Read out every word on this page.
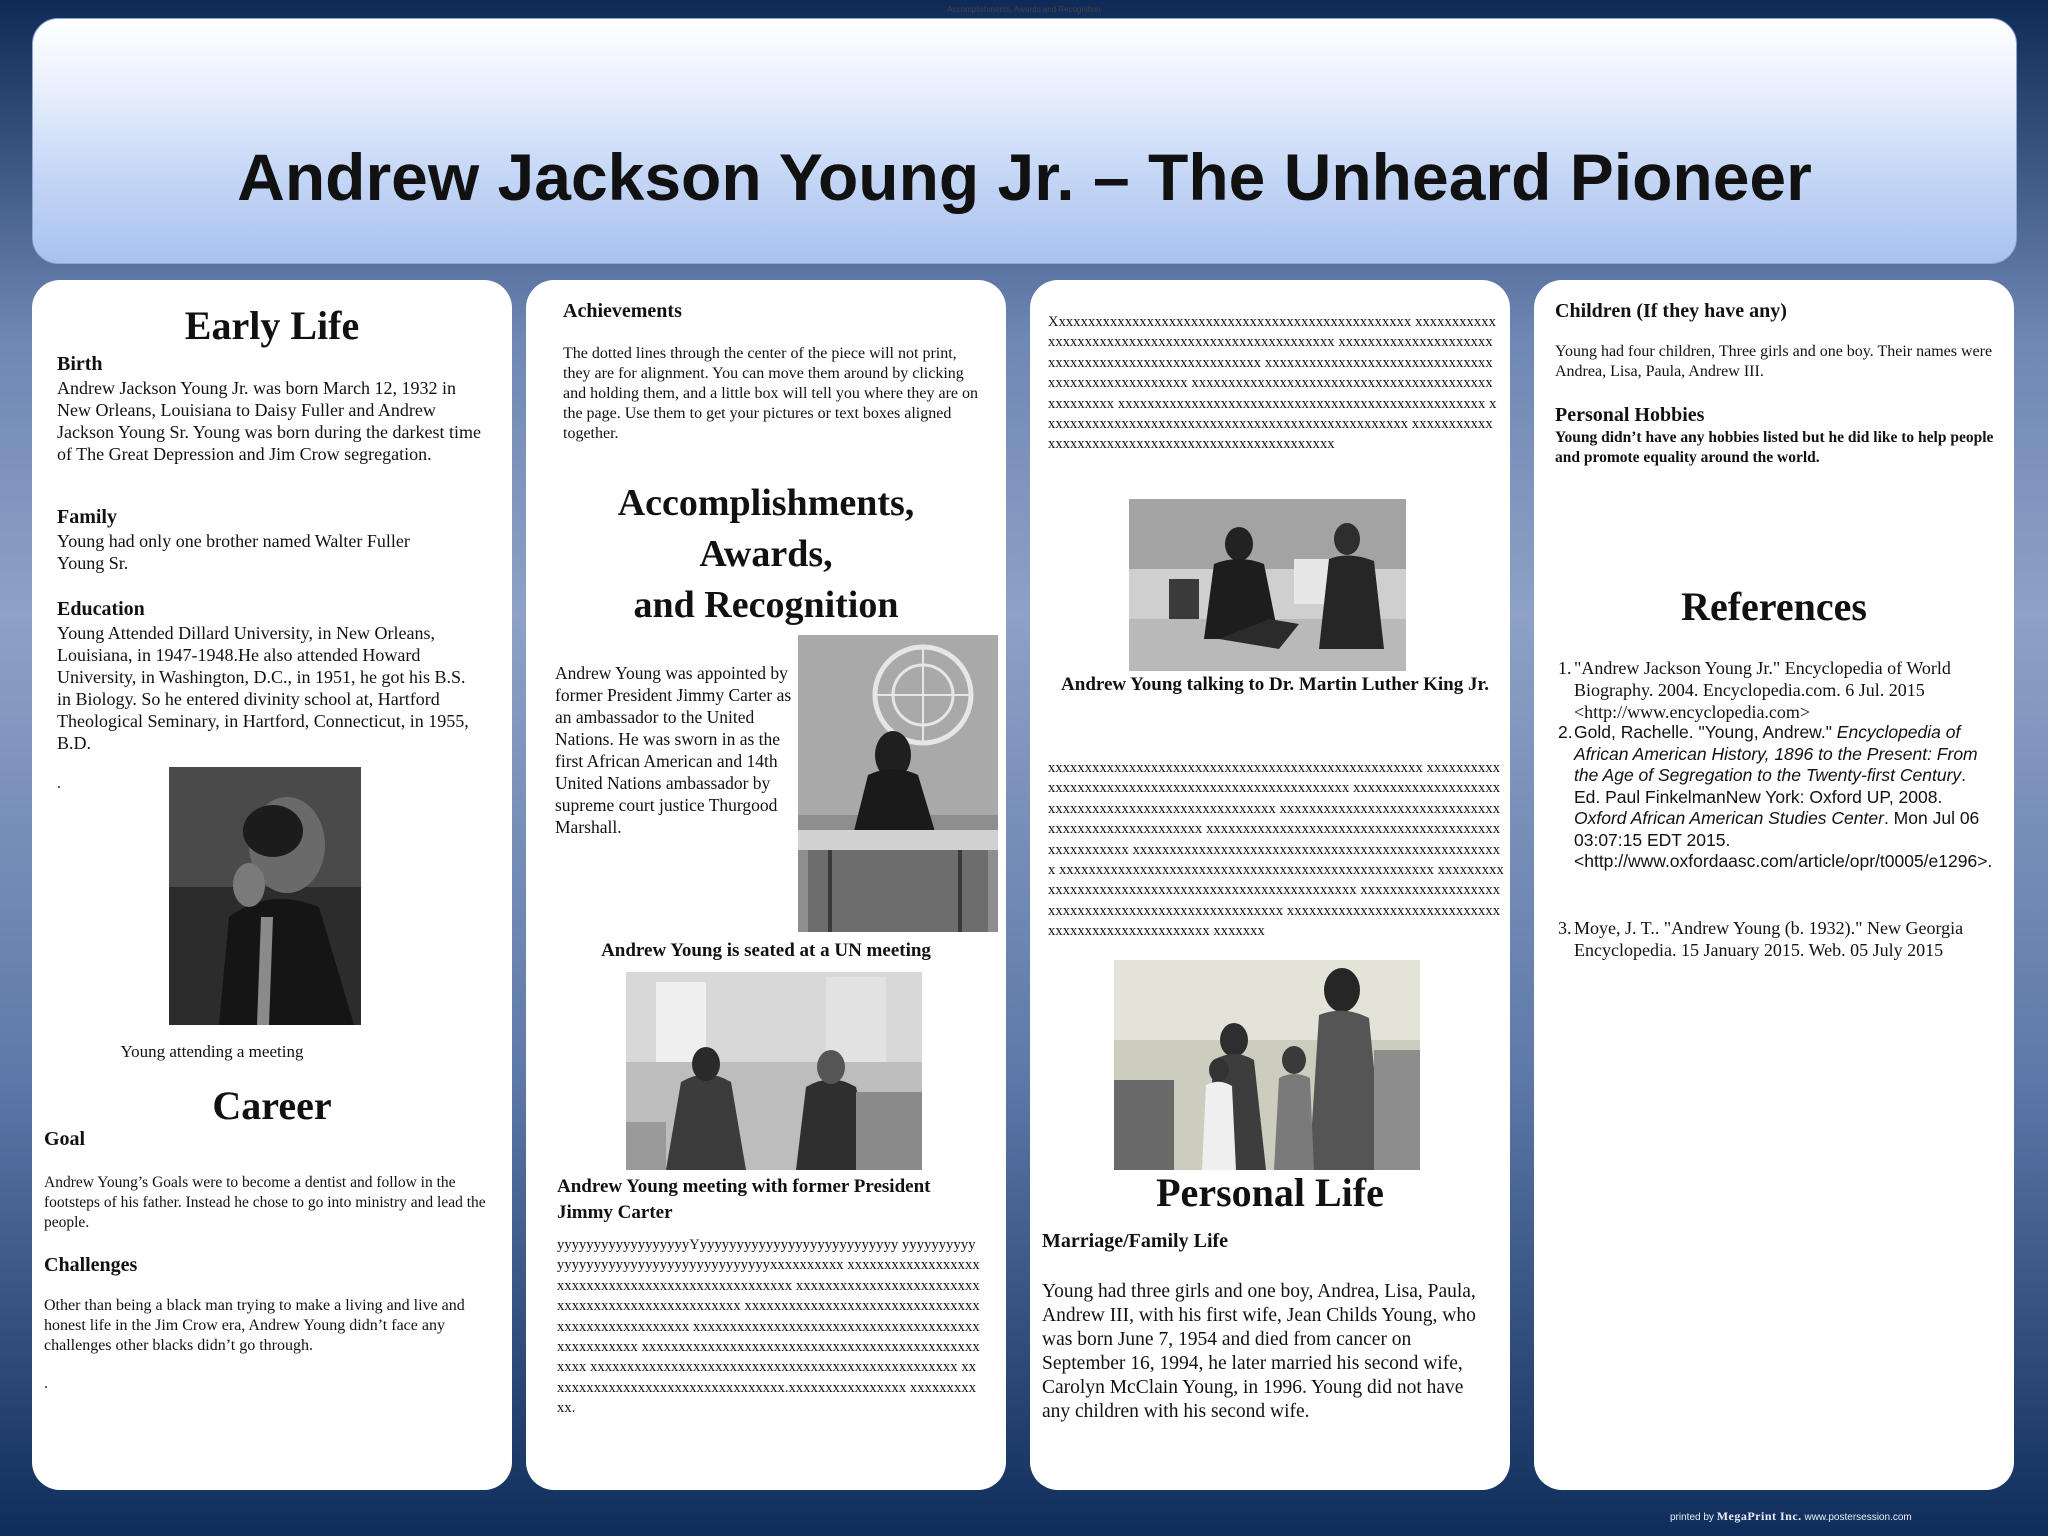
Accomplishments, Awards and Recognition
Andrew Jackson Young Jr. – The Unheard Pioneer
Early Life
Birth
Andrew Jackson Young Jr. was born March 12, 1932 in New Orleans, Louisiana to Daisy Fuller and Andrew Jackson Young Sr. Young was born during the darkest time of The Great Depression and Jim Crow segregation.
Family
Young had only one brother named Walter Fuller Young Sr.
Education
Young Attended Dillard University, in New Orleans, Louisiana, in 1947-1948.He also attended Howard University, in Washington, D.C., in 1951, he got his B.S. in Biology. So he entered divinity school at, Hartford Theological Seminary, in Hartford, Connecticut, in 1955, B.D.
.
Young attending a meeting
Career
Goal
Andrew Young’s Goals were to become a dentist and follow in the footsteps of his father. Instead he chose to go into ministry and lead the people.
Challenges
Other than being a black man trying to make a living and live and honest life in the Jim Crow era, Andrew Young didn’t face any challenges other blacks didn’t go through.
.
Achievements
The dotted lines through the center of the piece will not print, they are for alignment. You can move them around by clicking and holding them, and a little box will tell you where they are on the page. Use them to get your pictures or text boxes aligned together.
Accomplishments,
Awards,
and Recognition
Andrew Young was appointed by former President Jimmy Carter as an ambassador to the United Nations. He was sworn in as the first African American and 14th United Nations ambassador by supreme court justice Thurgood Marshall.
Andrew Young is seated at a UN meeting
Andrew Young meeting with former President Jimmy Carter
yyyyyyyyyyyyyyyyyyYyyyyyyyyyyyyyyyyyyyyyyyyyyy yyyyyyyyyyyyyyyyyyyyyyyyyyyyyyyyyyyyyyyxxxxxxxxxx xxxxxxxxxxxxxxxxxxxxxxxxxxxxxxxxxxxxxxxxxxxxxxxxxx xxxxxxxxxxxxxxxxxxxxxxxxxxxxxxxxxxxxxxxxxxxxxxxxxx xxxxxxxxxxxxxxxxxxxxxxxxxxxxxxxxxxxxxxxxxxxxxxxxxx xxxxxxxxxxxxxxxxxxxxxxxxxxxxxxxxxxxxxxxxxxxxxxxxxx xxxxxxxxxxxxxxxxxxxxxxxxxxxxxxxxxxxxxxxxxxxxxxxxxx xxxxxxxxxxxxxxxxxxxxxxxxxxxxxxxxxxxxxxxxxxxxxxxxxx xxxxxxxxxxxxxxxxxxxxxxxxxxxxxxxxx.xxxxxxxxxxxxxxxx xxxxxxxxxxx.
Xxxxxxxxxxxxxxxxxxxxxxxxxxxxxxxxxxxxxxxxxxxxxxxxx xxxxxxxxxxxxxxxxxxxxxxxxxxxxxxxxxxxxxxxxxxxxxxxxxx xxxxxxxxxxxxxxxxxxxxxxxxxxxxxxxxxxxxxxxxxxxxxxxxxx xxxxxxxxxxxxxxxxxxxxxxxxxxxxxxxxxxxxxxxxxxxxxxxxxx xxxxxxxxxxxxxxxxxxxxxxxxxxxxxxxxxxxxxxxxxxxxxxxxxx xxxxxxxxxxxxxxxxxxxxxxxxxxxxxxxxxxxxxxxxxxxxxxxxxx xxxxxxxxxxxxxxxxxxxxxxxxxxxxxxxxxxxxxxxxxxxxxxxxxx xxxxxxxxxxxxxxxxxxxxxxxxxxxxxxxxxxxxxxxxxxxxxxxxxx
Andrew Young talking to Dr. Martin Luther King Jr.
xxxxxxxxxxxxxxxxxxxxxxxxxxxxxxxxxxxxxxxxxxxxxxxxxxx xxxxxxxxxxxxxxxxxxxxxxxxxxxxxxxxxxxxxxxxxxxxxxxxxxx xxxxxxxxxxxxxxxxxxxxxxxxxxxxxxxxxxxxxxxxxxxxxxxxxxx xxxxxxxxxxxxxxxxxxxxxxxxxxxxxxxxxxxxxxxxxxxxxxxxxxx xxxxxxxxxxxxxxxxxxxxxxxxxxxxxxxxxxxxxxxxxxxxxxxxxxx xxxxxxxxxxxxxxxxxxxxxxxxxxxxxxxxxxxxxxxxxxxxxxxxxxx xxxxxxxxxxxxxxxxxxxxxxxxxxxxxxxxxxxxxxxxxxxxxxxxxxx xxxxxxxxxxxxxxxxxxxxxxxxxxxxxxxxxxxxxxxxxxxxxxxxxxx xxxxxxxxxxxxxxxxxxxxxxxxxxxxxxxxxxxxxxxxxxxxxxxxxxx xxxxxxxxxxxxxxxxxxxxxxxxxxxxxxxxxxxxxxxxxxxxxxxxxxx xxxxxxx
Personal Life
Marriage/Family Life
Young had three girls and one boy, Andrea, Lisa, Paula, Andrew III, with his first wife, Jean Childs Young, who was born June 7, 1954 and died from cancer on September 16, 1994, he later married his second wife, Carolyn McClain Young, in 1996. Young did not have any children with his second wife.
Children (If they have any)
Young had four children, Three girls and one boy. Their names were Andrea, Lisa, Paula, Andrew III.
Personal Hobbies
Young didn’t have any hobbies listed but he did like to help people and promote equality around the world.
References
1. "Andrew Jackson Young Jr." Encyclopedia of World Biography. 2004. Encyclopedia.com. 6 Jul. 2015 <http://www.encyclopedia.com>
2. Gold, Rachelle. "Young, Andrew." Encyclopedia of African American History, 1896 to the Present: From the Age of Segregation to the Twenty-first Century. Ed. Paul FinkelmanNew York: Oxford UP, 2008. Oxford African American Studies Center. Mon Jul 06 03:07:15 EDT 2015. <http://www.oxfordaasc.com/article/opr/t0005/e1296>.
3. Moye, J. T.. "Andrew Young (b. 1932)." New Georgia Encyclopedia. 15 January 2015. Web. 05 July 2015
printed by MegaPrint Inc. www.postersession.com
